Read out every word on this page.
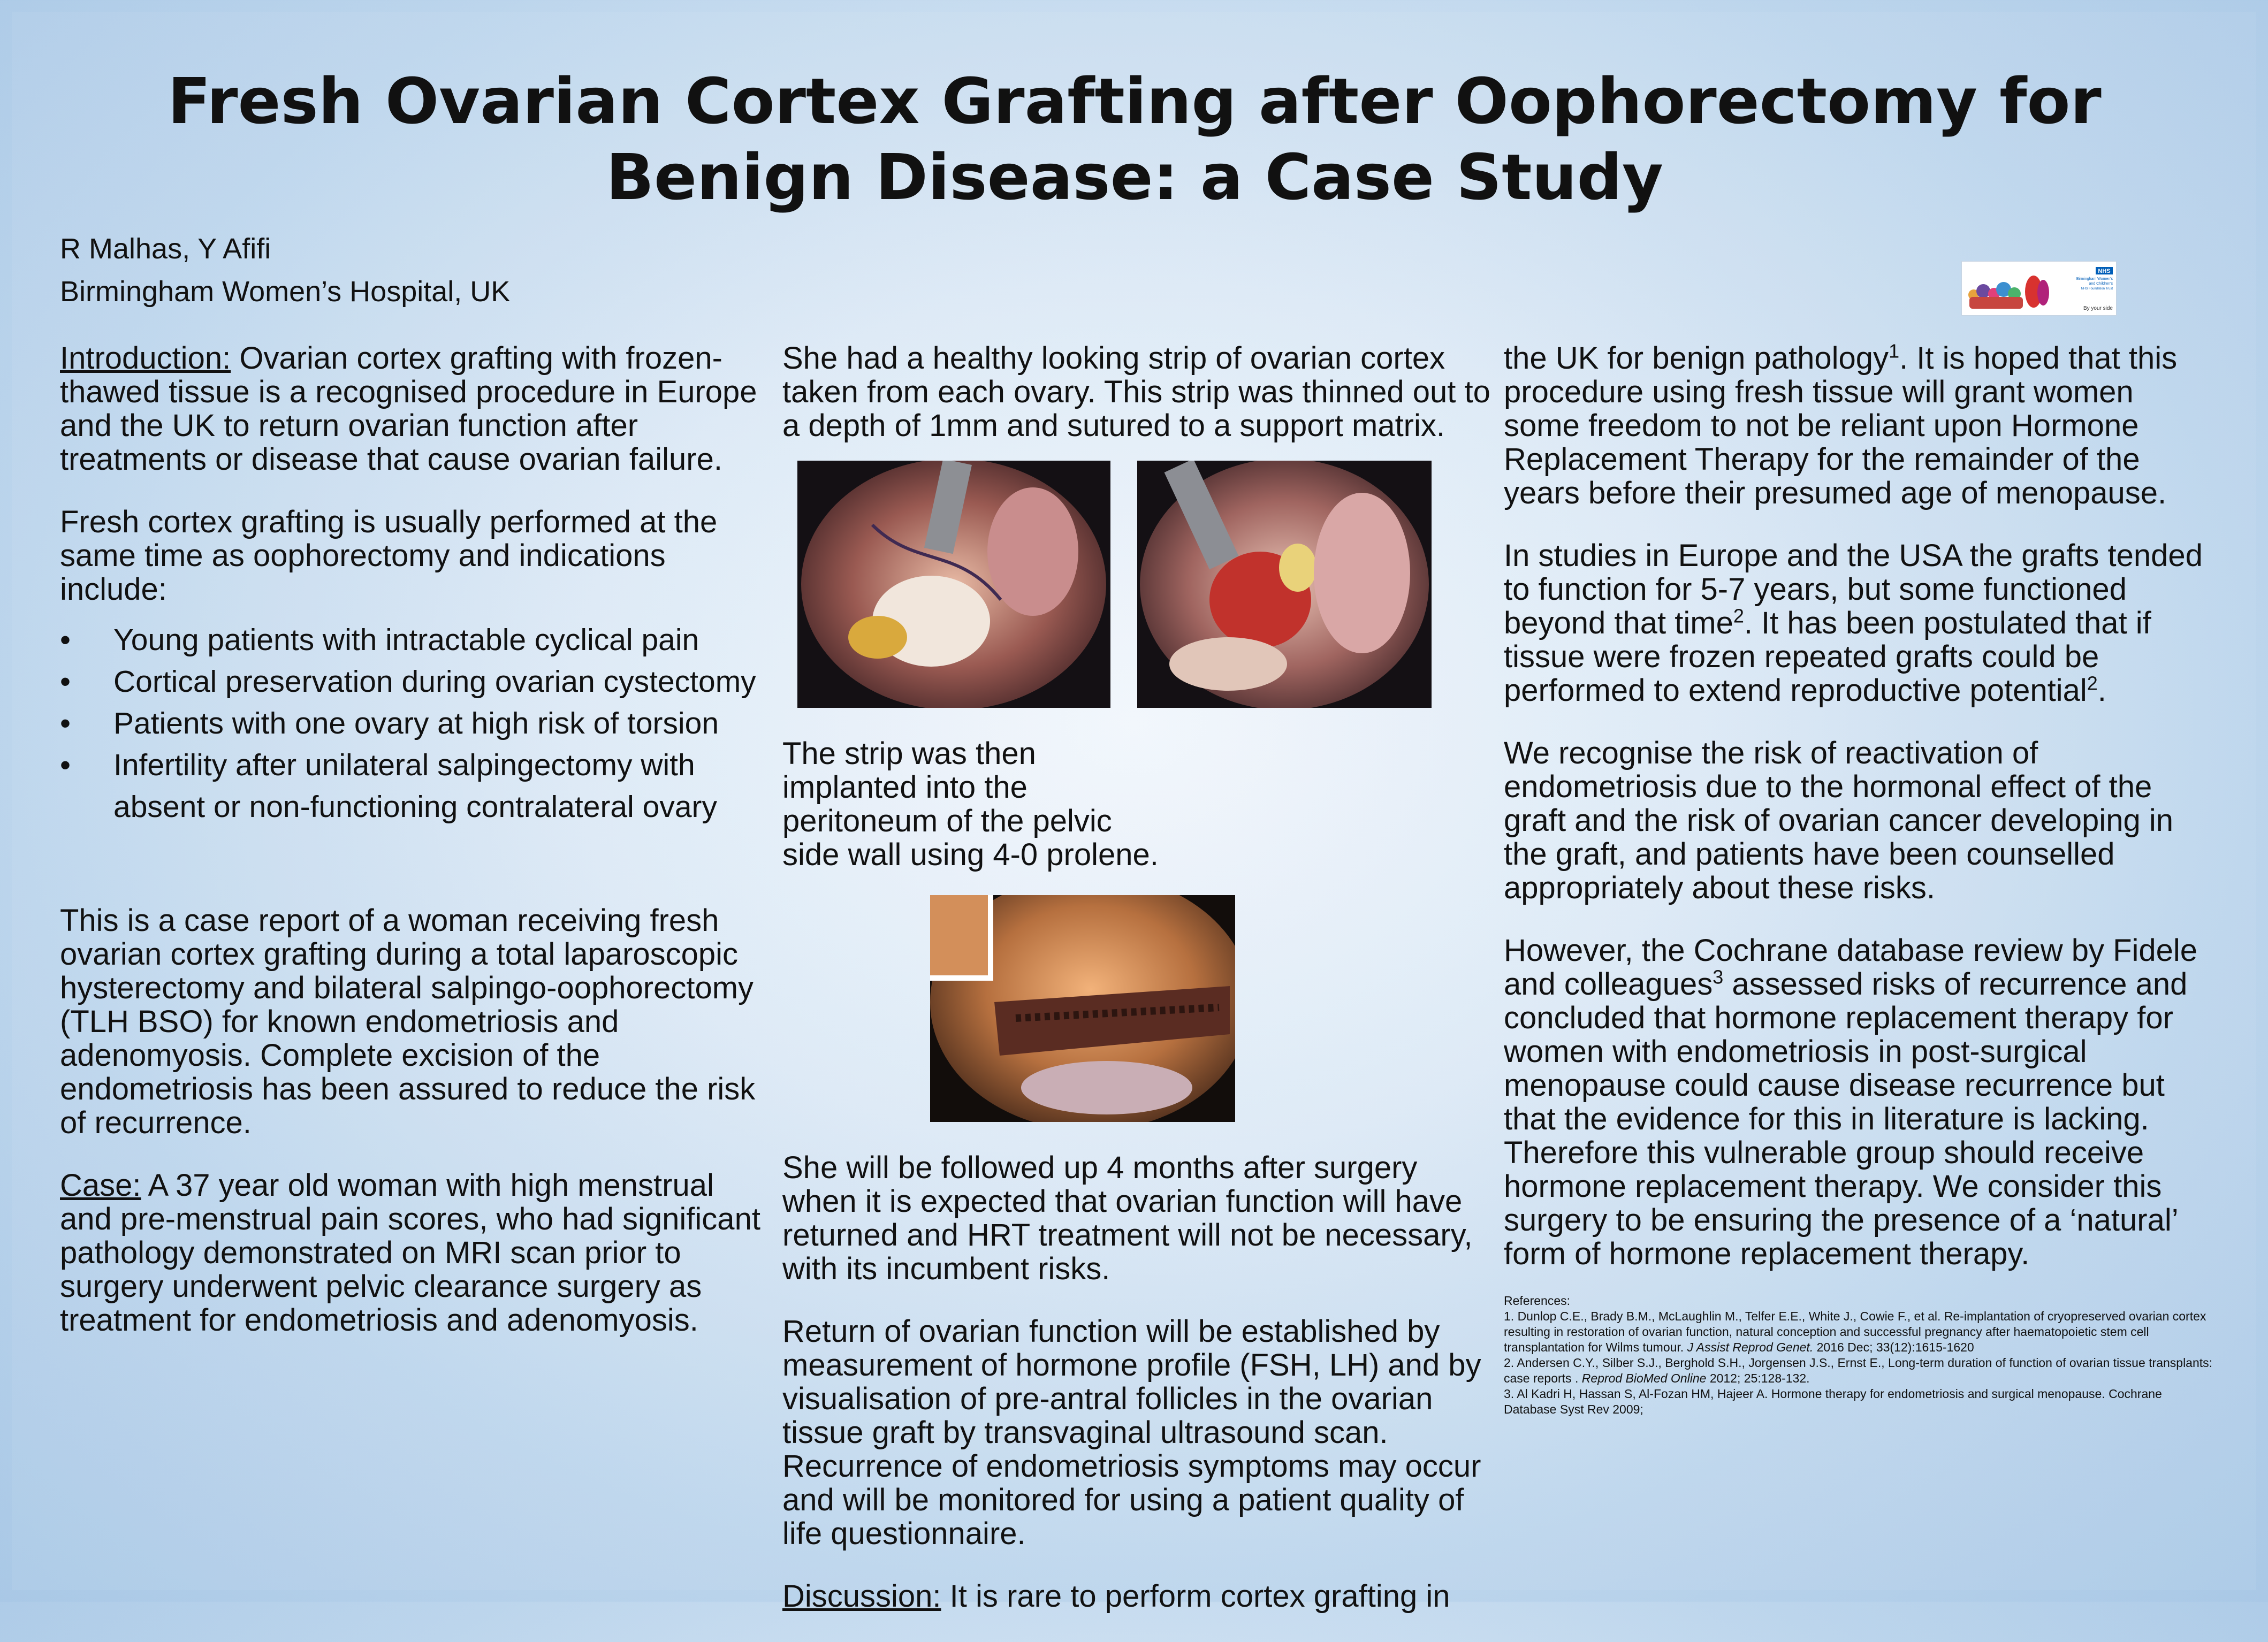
Fresh Ovarian Cortex Grafting after Oophorectomy for Benign Disease: a Case Study
R Malhas, Y Afifi
Birmingham Women’s Hospital, UK
NHS
Birmingham Women's
and Children's
NHS Foundation Trust
By your side

Introduction: Ovarian cortex grafting with frozen-thawed tissue is a recognised procedure in Europe and the UK to return ovarian function after treatments or disease that cause ovarian failure.

Fresh cortex grafting is usually performed at the same time as oophorectomy and indications include:

• Young patients with intractable cyclical pain
• Cortical preservation during ovarian cystectomy
• Patients with one ovary at high risk of torsion
• Infertility after unilateral salpingectomy with absent or non-functioning contralateral ovary

This is a case report of a woman receiving fresh ovarian cortex grafting during a total laparoscopic hysterectomy and bilateral salpingo-oophorectomy (TLH BSO) for known endometriosis and adenomyosis. Complete excision of the endometriosis has been assured to reduce the risk of recurrence.

Case: A 37 year old woman with high menstrual and pre-menstrual pain scores, who had significant pathology demonstrated on MRI scan prior to surgery underwent pelvic clearance surgery as treatment for endometriosis and adenomyosis.

She had a healthy looking strip of ovarian cortex taken from each ovary. This strip was thinned out to a depth of 1mm and sutured to a support matrix.

The strip was then implanted into the peritoneum of the pelvic side wall using 4-0 prolene.

She will be followed up 4 months after surgery when it is expected that ovarian function will have returned and HRT treatment will not be necessary, with its incumbent risks.

Return of ovarian function will be established by measurement of hormone profile (FSH, LH) and by visualisation of pre-antral follicles in the ovarian tissue graft by transvaginal ultrasound scan. Recurrence of endometriosis symptoms may occur and will be monitored for using a patient quality of life questionnaire.

Discussion: It is rare to perform cortex grafting in

the UK for benign pathology$^1$. It is hoped that this procedure using fresh tissue will grant women some freedom to not be reliant upon Hormone Replacement Therapy for the remainder of the years before their presumed age of menopause.

In studies in Europe and the USA the grafts tended to function for 5-7 years, but some functioned beyond that time$^2$. It has been postulated that if tissue were frozen repeated grafts could be performed to extend reproductive potential$^2$.

We recognise the risk of reactivation of endometriosis due to the hormonal effect of the graft and the risk of ovarian cancer developing in the graft, and patients have been counselled appropriately about these risks.

However, the Cochrane database review by Fidele and colleagues$^3$ assessed risks of recurrence and concluded that hormone replacement therapy for women with endometriosis in post-surgical menopause could cause disease recurrence but that the evidence for this in literature is lacking. Therefore this vulnerable group should receive hormone replacement therapy. We consider this surgery to be ensuring the presence of a ‘natural’ form of hormone replacement therapy.

References:
1. Dunlop C.E., Brady B.M., McLaughlin M., Telfer E.E., White J., Cowie F., et al. Re-implantation of cryopreserved ovarian cortex resulting in restoration of ovarian function, natural conception and successful pregnancy after haematopoietic stem cell transplantation for Wilms tumour. J Assist Reprod Genet. 2016 Dec; 33(12):1615-1620
2. Andersen C.Y., Silber S.J., Berghold S.H., Jorgensen J.S., Ernst E., Long-term duration of function of ovarian tissue transplants: case reports . Reprod BioMed Online 2012; 25:128-132.
3. Al Kadri H, Hassan S, Al-Fozan HM, Hajeer A. Hormone therapy for endometriosis and surgical menopause. Cochrane Database Syst Rev 2009;
